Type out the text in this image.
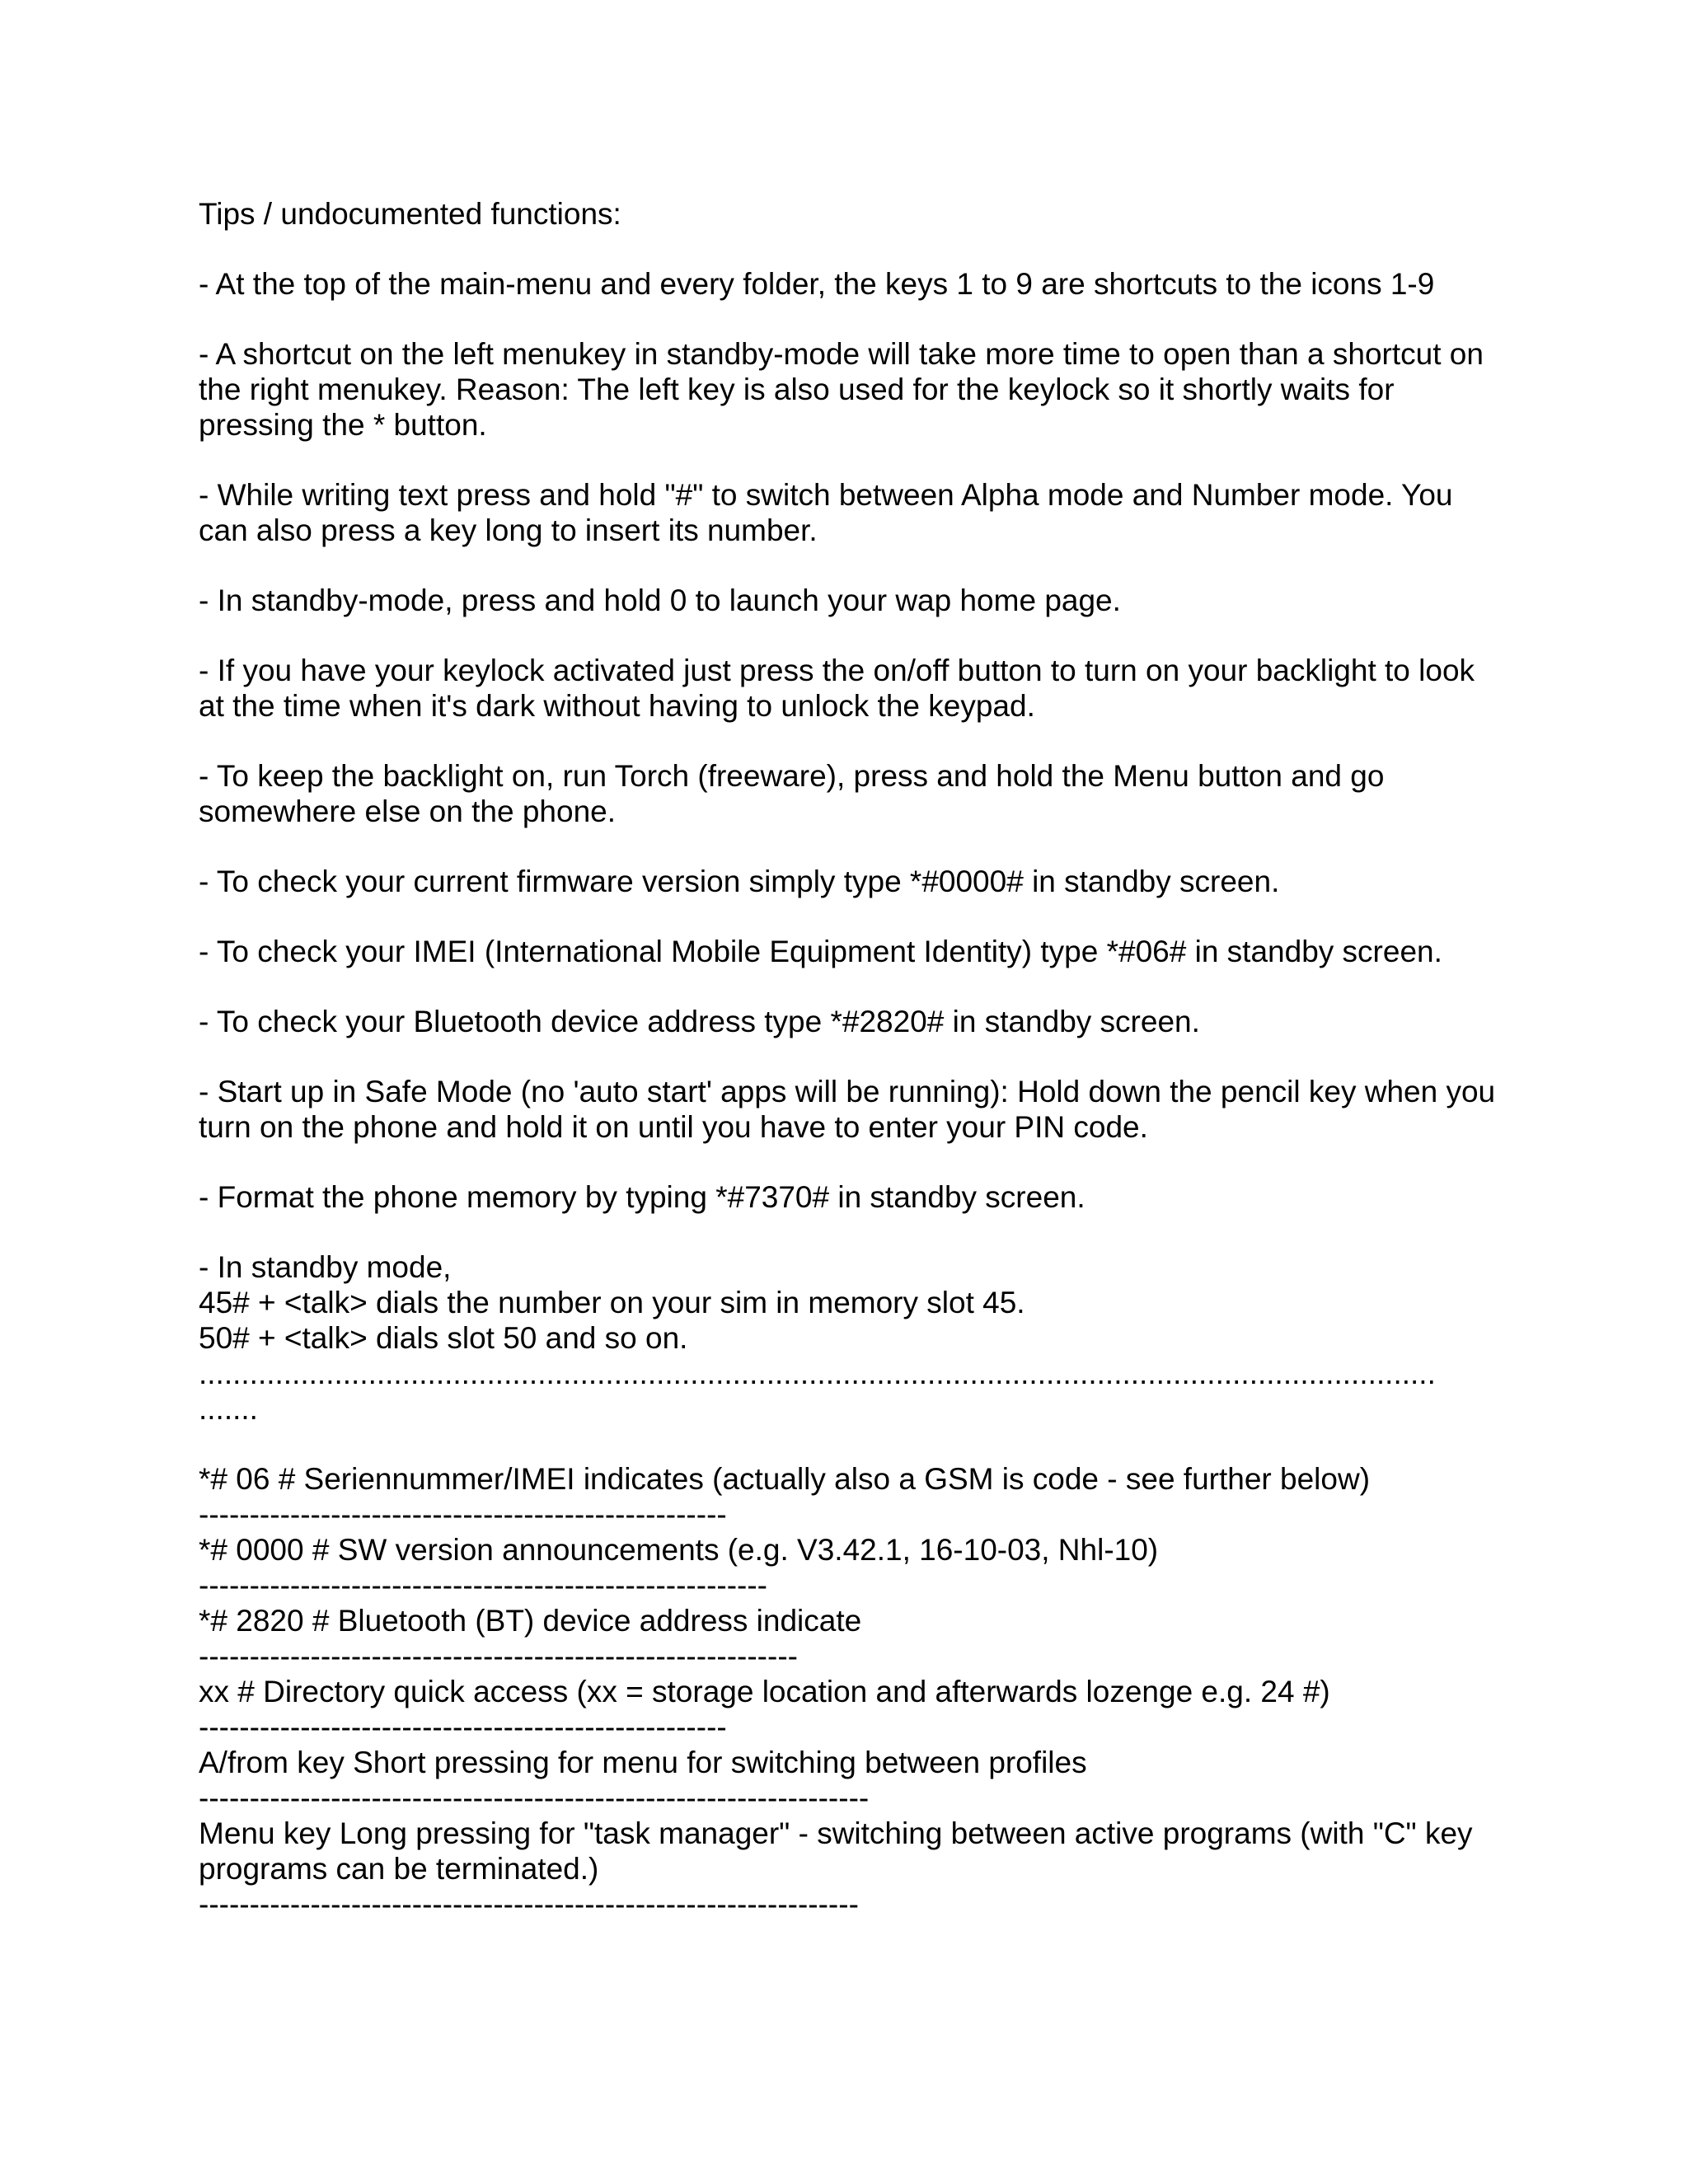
Tips / undocumented functions:

- At the top of the main-menu and every folder, the keys 1 to 9 are shortcuts to the icons 1-9

- A shortcut on the left menukey in standby-mode will take more time to open than a shortcut on

the right menukey. Reason: The left key is also used for the keylock so it shortly waits for

pressing the * button.

- While writing text press and hold "#" to switch between Alpha mode and Number mode. You

can also press a key long to insert its number.

- In standby-mode, press and hold 0 to launch your wap home page.

- If you have your keylock activated just press the on/off button to turn on your backlight to look

at the time when it's dark without having to unlock the keypad.

- To keep the backlight on, run Torch (freeware), press and hold the Menu button and go

somewhere else on the phone.

- To check your current firmware version simply type *#0000# in standby screen.

- To check your IMEI (International Mobile Equipment Identity) type *#06# in standby screen.

- To check your Bluetooth device address type *#2820# in standby screen.

- Start up in Safe Mode (no 'auto start' apps will be running): Hold down the pencil key when you

turn on the phone and hold it on until you have to enter your PIN code.

- Format the phone memory by typing *#7370# in standby screen.

- In standby mode,

45# + <talk> dials the number on your sim in memory slot 45.

50# + <talk> dials slot 50 and so on.

..................................................................................................................................................

.......

*# 06 # Seriennummer/IMEI indicates (actually also a GSM is code - see further below)

----------------------------------------------------

*# 0000 # SW version announcements (e.g. V3.42.1, 16-10-03, Nhl-10)

--------------------------------------------------------

*# 2820 # Bluetooth (BT) device address indicate

-----------------------------------------------------------

xx # Directory quick access (xx = storage location and afterwards lozenge e.g. 24 #)

----------------------------------------------------

A/from key Short pressing for menu for switching between profiles

------------------------------------------------------------------

Menu key Long pressing for "task manager" - switching between active programs (with "C" key

programs can be terminated.)

-----------------------------------------------------------------
